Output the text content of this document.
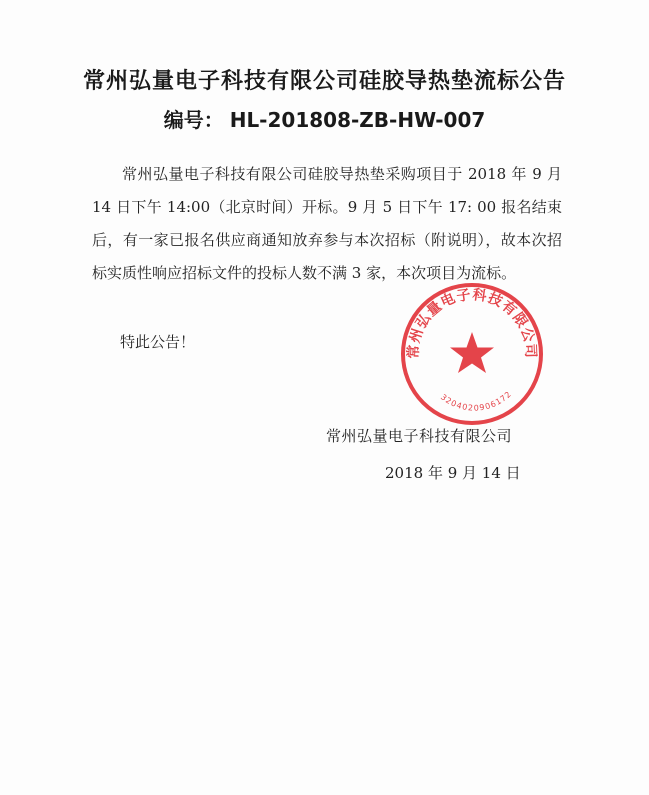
常州弘量电子科技有限公司硅胶导热垫流标公告
编号： HL-201808-ZB-HW-007
常州弘量电子科技有限公司硅胶导热垫采购项目于 2018 年 9 月 14 日下午 14:00（北京时间）开标。9 月 5 日下午 17: 00 报名结束后，有一家已报名供应商通知放弃参与本次招标（附说明），故本次招标实质性响应招标文件的投标人数不满 3 家，本次项目为流标。
特此公告！
常州弘量电子科技有限公司
3204020906172
常州弘量电子科技有限公司
2018 年 9 月 14 日
